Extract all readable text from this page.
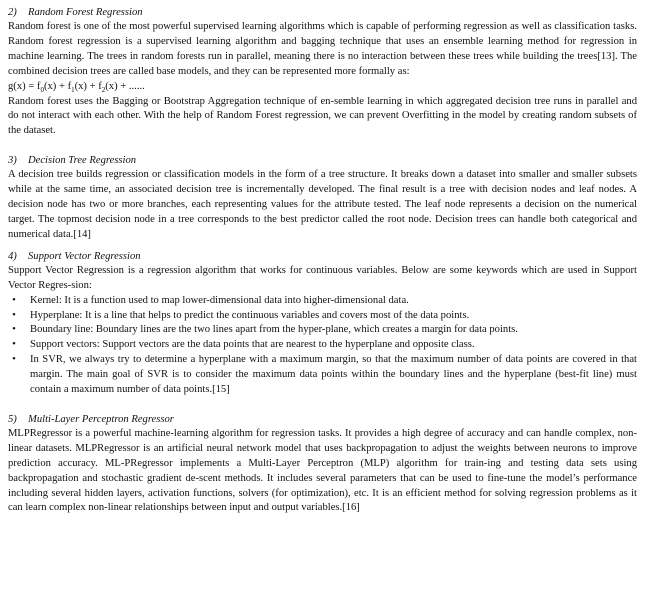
2) Random Forest Regression

Random forest is one of the most powerful supervised learning algorithms which is capable of performing regression as well as classification tasks. Random forest regression is a supervised learning algorithm and bagging technique that uses an ensemble learning method for regression in machine learning. The trees in random forests run in parallel, meaning there is no interaction between these trees while building the trees[13]. The combined decision trees are called base models, and they can be represented more formally as:

$g(x) = f_0(x) + f_1(x) + f_2(x)$ + ......

Random forest uses the Bagging or Bootstrap Aggregation technique of en-semble learning in which aggregated decision tree runs in parallel and do not interact with each other. With the help of Random Forest regression, we can prevent Overfitting in the model by creating random subsets of the dataset.

3) Decision Tree Regression

A decision tree builds regression or classification models in the form of a tree structure. It breaks down a dataset into smaller and smaller subsets while at the same time, an associated decision tree is incrementally developed. The final result is a tree with decision nodes and leaf nodes. A decision node has two or more branches, each representing values for the attribute tested. The leaf node represents a decision on the numerical target. The topmost decision node in a tree corresponds to the best predictor called the root node. Decision trees can handle both categorical and numerical data.[14]

4) Support Vector Regression

Support Vector Regression is a regression algorithm that works for continuous variables. Below are some keywords which are used in Support Vector Regres-sion:

•	Kernel: It is a function used to map lower-dimensional data into higher-dimensional data.
•	Hyperplane: It is a line that helps to predict the continuous variables and covers most of the data points.
•	Boundary line: Boundary lines are the two lines apart from the hyper-plane, which creates a margin for data points.
•	Support vectors: Support vectors are the data points that are nearest to the hyperplane and opposite class.
•	In SVR, we always try to determine a hyperplane with a maximum margin, so that the maximum number of data points are covered in that margin. The main goal of SVR is to consider the maximum data points within the boundary lines and the hyperplane (best-fit line) must contain a maximum number of data points.[15]

5) Multi-Layer Perceptron Regressor

MLPRegressor is a powerful machine-learning algorithm for regression tasks. It provides a high degree of accuracy and can handle complex, non-linear datasets. MLPRegressor is an artificial neural network model that uses backpropagation to adjust the weights between neurons to improve prediction accuracy. ML-PRegressor implements a Multi-Layer Perceptron (MLP) algorithm for train-ing and testing data sets using backpropagation and stochastic gradient de-scent methods. It includes several parameters that can be used to fine-tune the model’s performance including several hidden layers, activation functions, solvers (for optimization), etc. It is an efficient method for solving regression problems as it can learn complex non-linear relationships between input and output variables.[16]
